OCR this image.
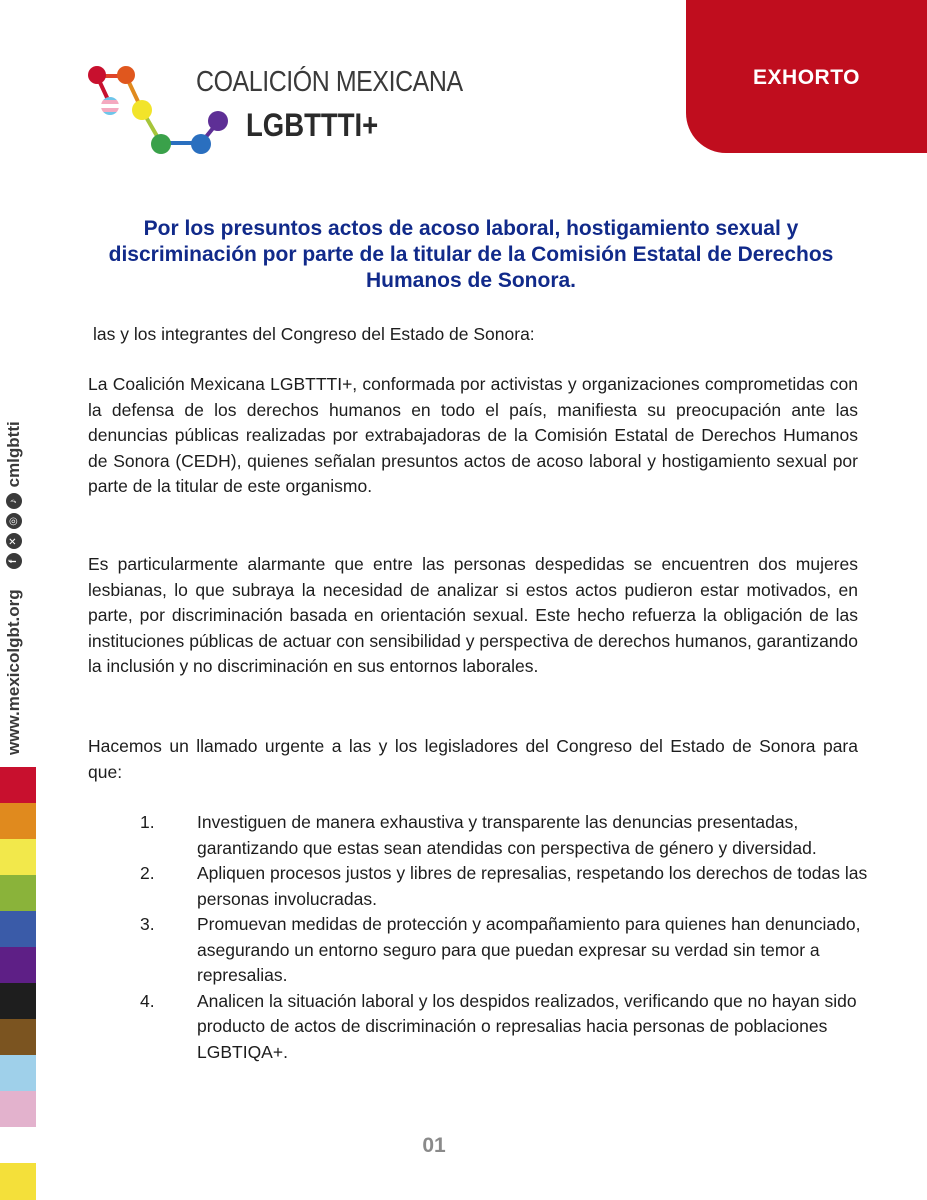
EXHORTO
COALICIÓN MEXICANA
LGBTTTI+
www.mexicolgbt.org
f
✕
◎
♪
cmlgbtti
Por los presuntos actos de acoso laboral, hostigamiento sexual y discriminación por parte de la titular de la Comisión Estatal de Derechos Humanos de Sonora.
las y los integrantes del Congreso del Estado de Sonora:
La Coalición Mexicana LGBTTTI+, conformada por activistas y organizaciones comprometidas con la defensa de los derechos humanos en todo el país, manifiesta su preocupación ante las denuncias públicas realizadas por extrabajadoras de la Comisión Estatal de Derechos Humanos de Sonora (CEDH), quienes señalan presuntos actos de acoso laboral y hostigamiento sexual por parte de la titular de este organismo.
Es particularmente alarmante que entre las personas despedidas se encuentren dos mujeres lesbianas, lo que subraya la necesidad de analizar si estos actos pudieron estar motivados, en parte, por discriminación basada en orientación sexual. Este hecho refuerza la obligación de las instituciones públicas de actuar con sensibilidad y perspectiva de derechos humanos, garantizando la inclusión y no discriminación en sus entornos laborales.
Hacemos un llamado urgente a las y los legisladores del Congreso del Estado de Sonora para que:
1.	Investiguen de manera exhaustiva y transparente las denuncias presentadas, garantizando que estas sean atendidas con perspectiva de género y diversidad.
2.	Apliquen procesos justos y libres de represalias, respetando los derechos de todas las personas involucradas.
3.	Promuevan medidas de protección y acompañamiento para quienes han denunciado, asegurando un entorno seguro para que puedan expresar su verdad sin temor a represalias.
4.	Analicen la situación laboral y los despidos realizados, verificando que no hayan sido producto de actos de discriminación o represalias hacia personas de poblaciones LGBTIQA+.
01
